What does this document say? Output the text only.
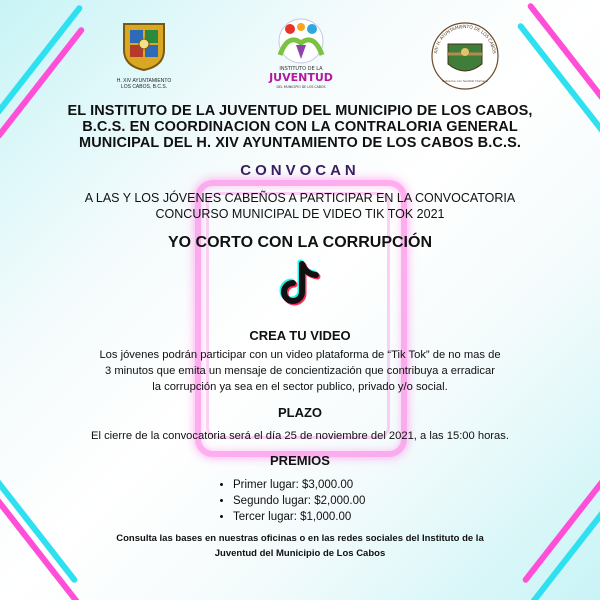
H. XIV AYUNTAMIENTO
LOS CABOS, B.C.S.
INSTITUTO DE LA
JUVENTUD
DEL MUNICIPIO DE LOS CABOS
XIV H. AYUNTAMIENTO DE LOS CABOS
Gobierno con Sentido Humano
EL INSTITUTO DE LA JUVENTUD DEL MUNICIPIO DE LOS CABOS,
B.C.S. EN COORDINACION CON LA CONTRALORIA GENERAL
MUNICIPAL DEL H. XIV AYUNTAMIENTO DE LOS CABOS B.C.S.
CONVOCAN
A LAS Y LOS JÓVENES CABEÑOS A PARTICIPAR EN LA CONVOCATORIA
CONCURSO MUNICIPAL DE VIDEO TIK TOK 2021
YO CORTO CON LA CORRUPCIÓN
CREA TU VIDEO
Los jóvenes podrán participar con un video plataforma de “Tik Tok” de no mas de
3 minutos que emita un mensaje de concientización que contribuya a erradicar
la corrupción ya sea en el sector publico, privado y/o social.
PLAZO
El cierre de la convocatoria será el día 25 de noviembre del 2021, a las 15:00 horas.
PREMIOS
• Primer lugar: $3,000.00
• Segundo lugar: $2,000.00
• Tercer lugar: $1,000.00
Consulta las bases en nuestras oficinas o en las redes sociales del Instituto de la
Juventud del Municipio de Los Cabos
